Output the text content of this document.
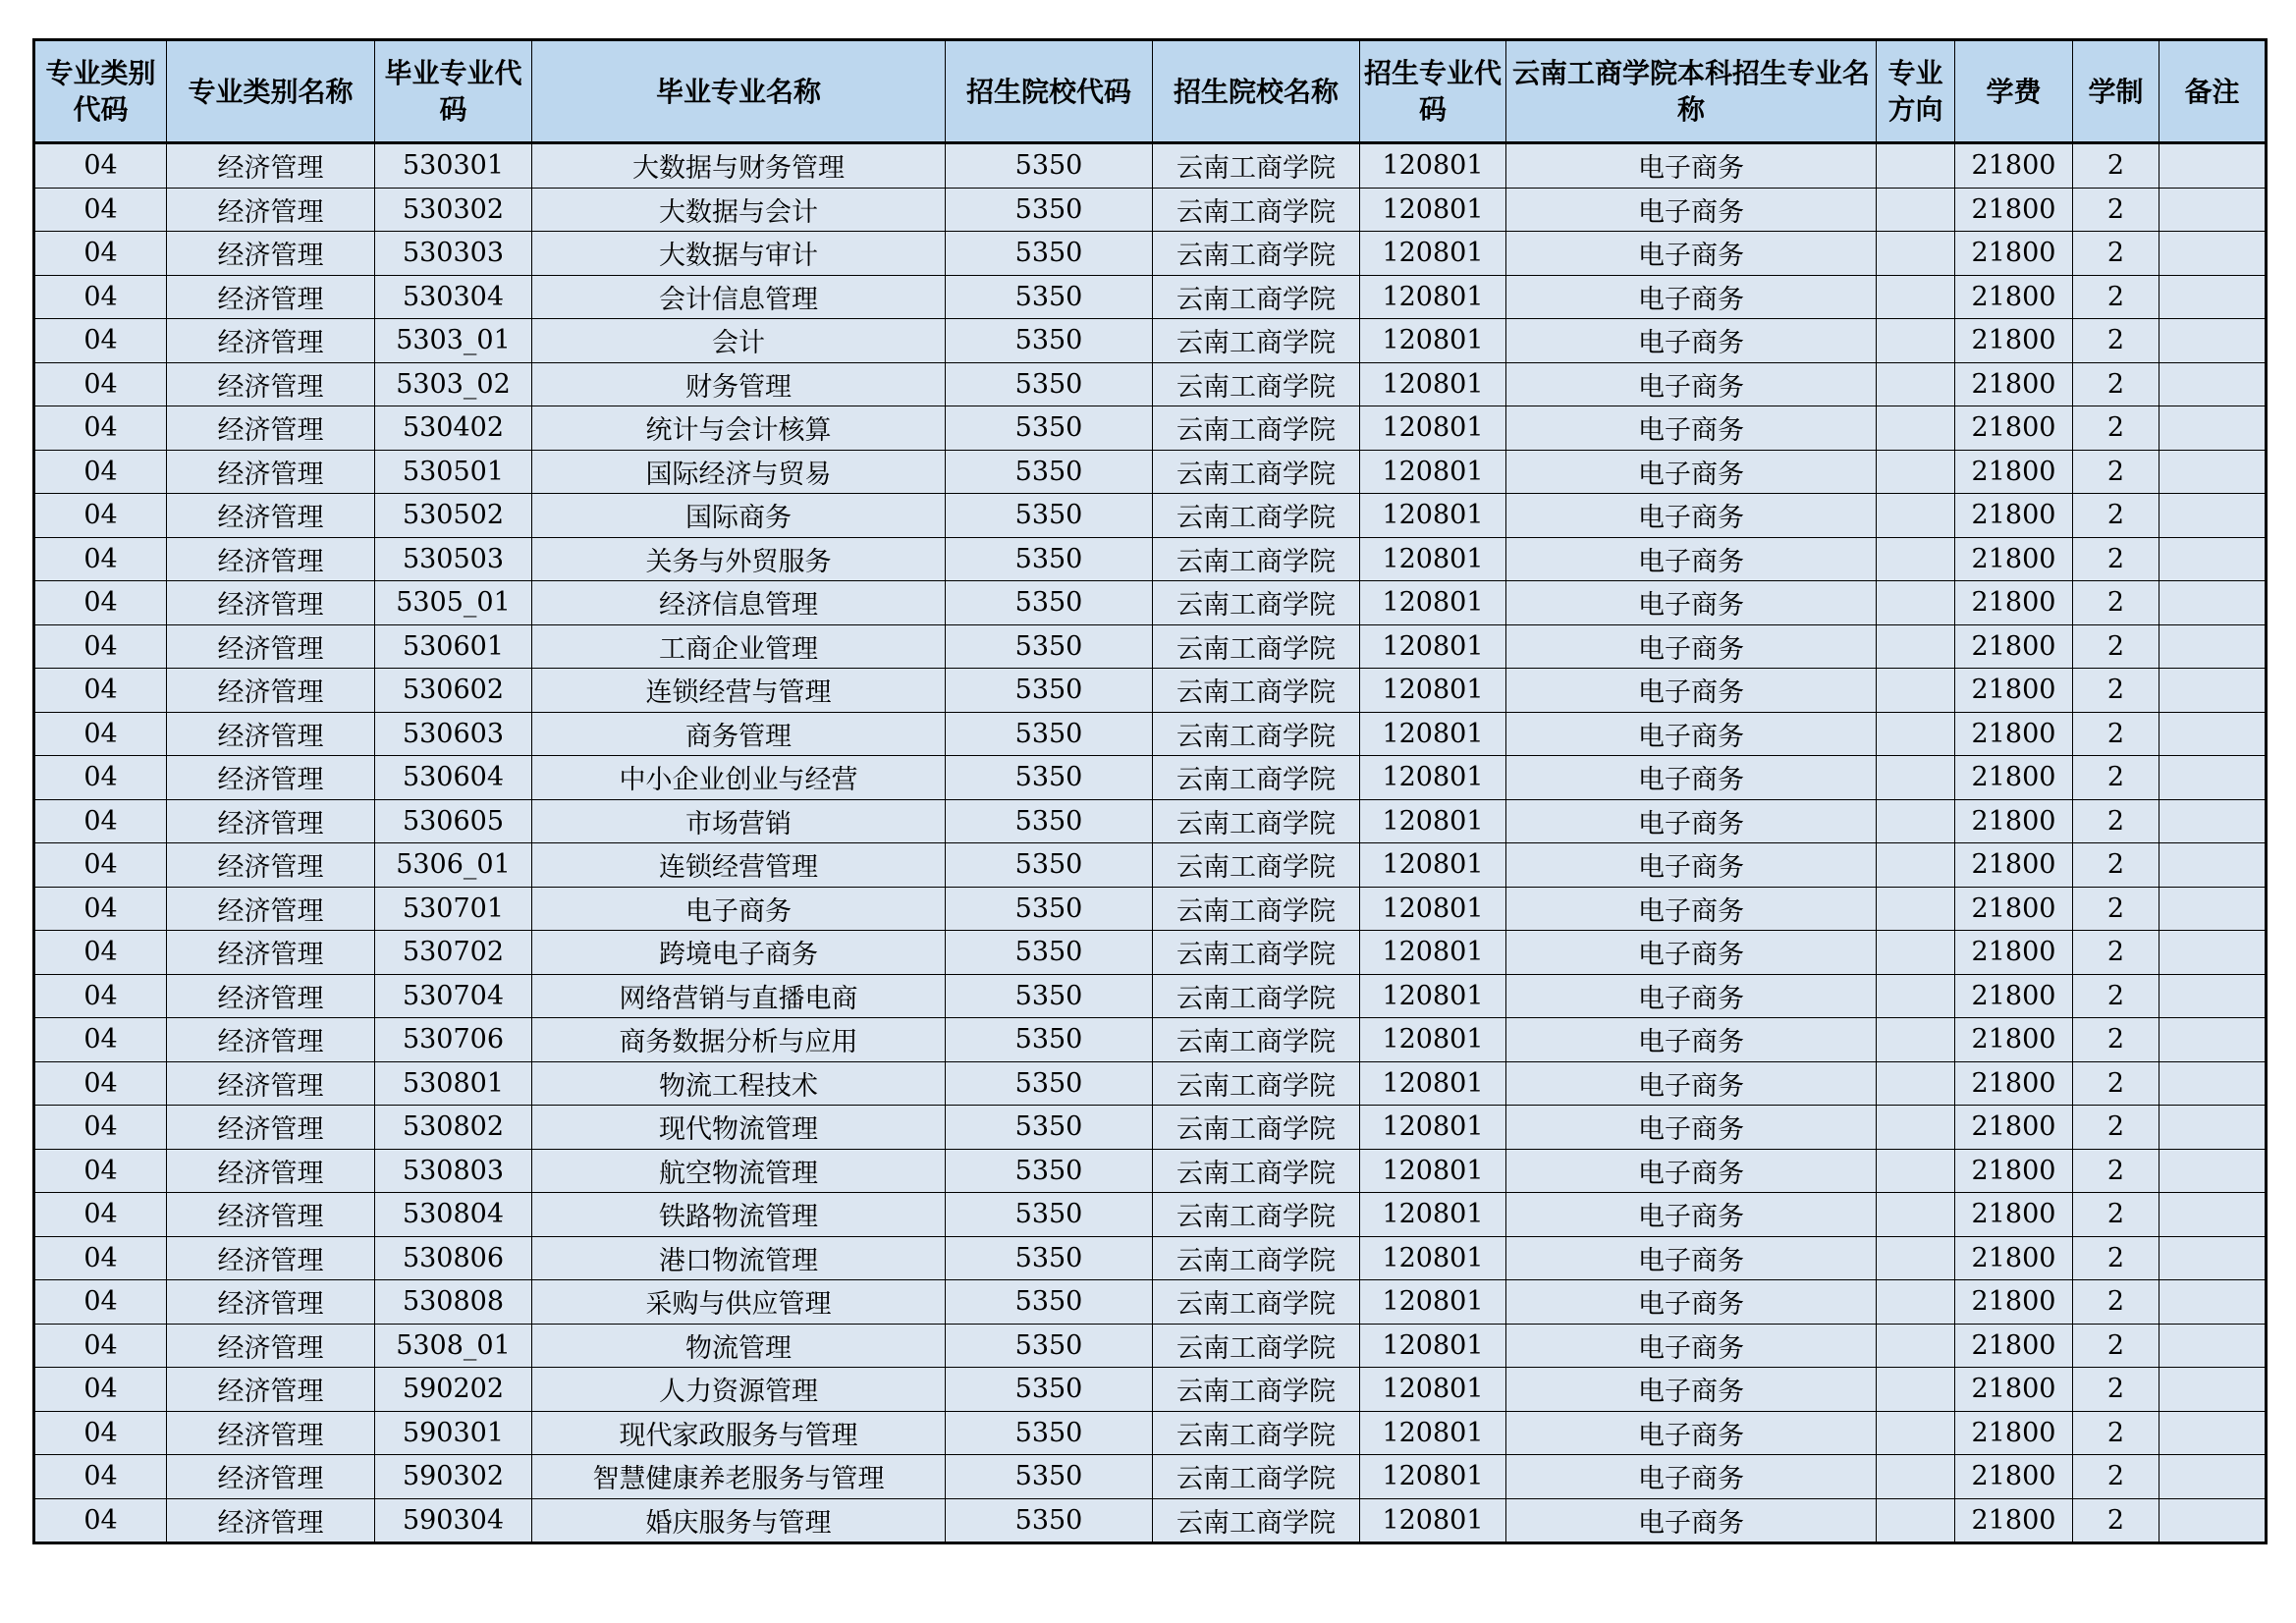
专业类别代码	专业类别名称	毕业专业代码	毕业专业名称	招生院校代码	招生院校名称	招生专业代码	云南工商学院本科招生专业名称	专业方向	学费	学制	备注
04	经济管理	530301	大数据与财务管理	5350	云南工商学院	120801	电子商务		21800	2	
04	经济管理	530302	大数据与会计	5350	云南工商学院	120801	电子商务		21800	2	
04	经济管理	530303	大数据与审计	5350	云南工商学院	120801	电子商务		21800	2	
04	经济管理	530304	会计信息管理	5350	云南工商学院	120801	电子商务		21800	2	
04	经济管理	5303_01	会计	5350	云南工商学院	120801	电子商务		21800	2	
04	经济管理	5303_02	财务管理	5350	云南工商学院	120801	电子商务		21800	2	
04	经济管理	530402	统计与会计核算	5350	云南工商学院	120801	电子商务		21800	2	
04	经济管理	530501	国际经济与贸易	5350	云南工商学院	120801	电子商务		21800	2	
04	经济管理	530502	国际商务	5350	云南工商学院	120801	电子商务		21800	2	
04	经济管理	530503	关务与外贸服务	5350	云南工商学院	120801	电子商务		21800	2	
04	经济管理	5305_01	经济信息管理	5350	云南工商学院	120801	电子商务		21800	2	
04	经济管理	530601	工商企业管理	5350	云南工商学院	120801	电子商务		21800	2	
04	经济管理	530602	连锁经营与管理	5350	云南工商学院	120801	电子商务		21800	2	
04	经济管理	530603	商务管理	5350	云南工商学院	120801	电子商务		21800	2	
04	经济管理	530604	中小企业创业与经营	5350	云南工商学院	120801	电子商务		21800	2	
04	经济管理	530605	市场营销	5350	云南工商学院	120801	电子商务		21800	2	
04	经济管理	5306_01	连锁经营管理	5350	云南工商学院	120801	电子商务		21800	2	
04	经济管理	530701	电子商务	5350	云南工商学院	120801	电子商务		21800	2	
04	经济管理	530702	跨境电子商务	5350	云南工商学院	120801	电子商务		21800	2	
04	经济管理	530704	网络营销与直播电商	5350	云南工商学院	120801	电子商务		21800	2	
04	经济管理	530706	商务数据分析与应用	5350	云南工商学院	120801	电子商务		21800	2	
04	经济管理	530801	物流工程技术	5350	云南工商学院	120801	电子商务		21800	2	
04	经济管理	530802	现代物流管理	5350	云南工商学院	120801	电子商务		21800	2	
04	经济管理	530803	航空物流管理	5350	云南工商学院	120801	电子商务		21800	2	
04	经济管理	530804	铁路物流管理	5350	云南工商学院	120801	电子商务		21800	2	
04	经济管理	530806	港口物流管理	5350	云南工商学院	120801	电子商务		21800	2	
04	经济管理	530808	采购与供应管理	5350	云南工商学院	120801	电子商务		21800	2	
04	经济管理	5308_01	物流管理	5350	云南工商学院	120801	电子商务		21800	2	
04	经济管理	590202	人力资源管理	5350	云南工商学院	120801	电子商务		21800	2	
04	经济管理	590301	现代家政服务与管理	5350	云南工商学院	120801	电子商务		21800	2	
04	经济管理	590302	智慧健康养老服务与管理	5350	云南工商学院	120801	电子商务		21800	2	
04	经济管理	590304	婚庆服务与管理	5350	云南工商学院	120801	电子商务		21800	2	
